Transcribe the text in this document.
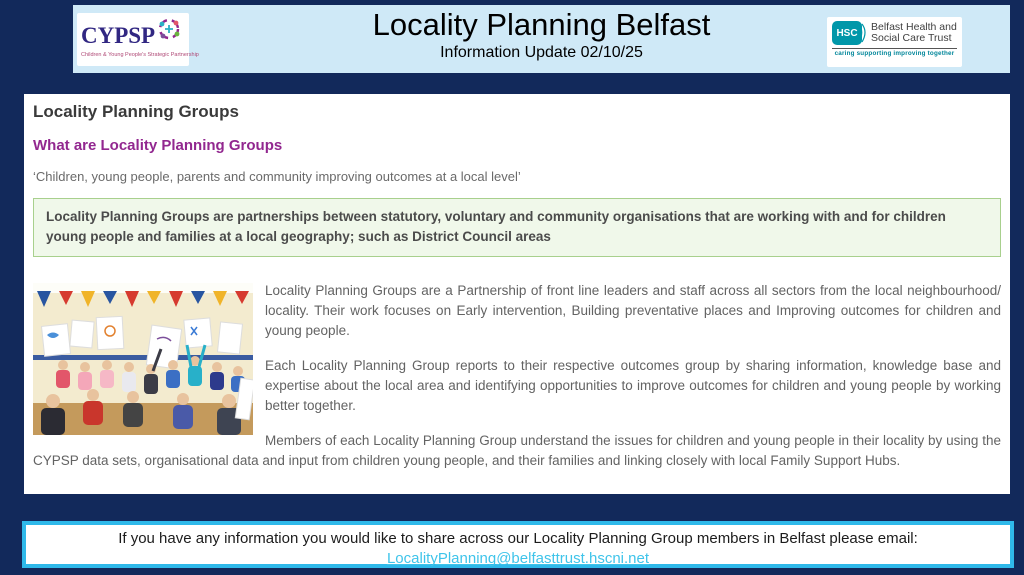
Locality Planning Belfast
Information Update 02/10/25
CYPSP
Children & Young People's Strategic Partnership
HSC
Belfast Health and
Social Care Trust
caring supporting improving together
Locality Planning Groups
What are Locality Planning Groups
‘Children, young people, parents and community improving outcomes at a local level’
Locality Planning Groups are partnerships between statutory, voluntary and community organisations that are working with and for children young people and families at a local geography; such as District Council areas

Locality Planning Groups are a Partnership of front line leaders and staff across all sectors from the local neighbourhood/ locality. Their work focuses on Early intervention, Building preventative places and Improving outcomes for children and young people.

Each Locality Planning Group reports to their respective outcomes group by sharing information, knowledge base and expertise about the local area and identifying opportunities to improve outcomes for children and young people by working better together.

Members of each Locality Planning Group understand the issues for children and young people in their locality by using the CYPSP data sets, organisational data and input from children young people, and their families and linking closely with local Family Support Hubs.

If you have any information you would like to share across our Locality Planning Group members in Belfast please email:
LocalityPlanning@belfasttrust.hscni.net
